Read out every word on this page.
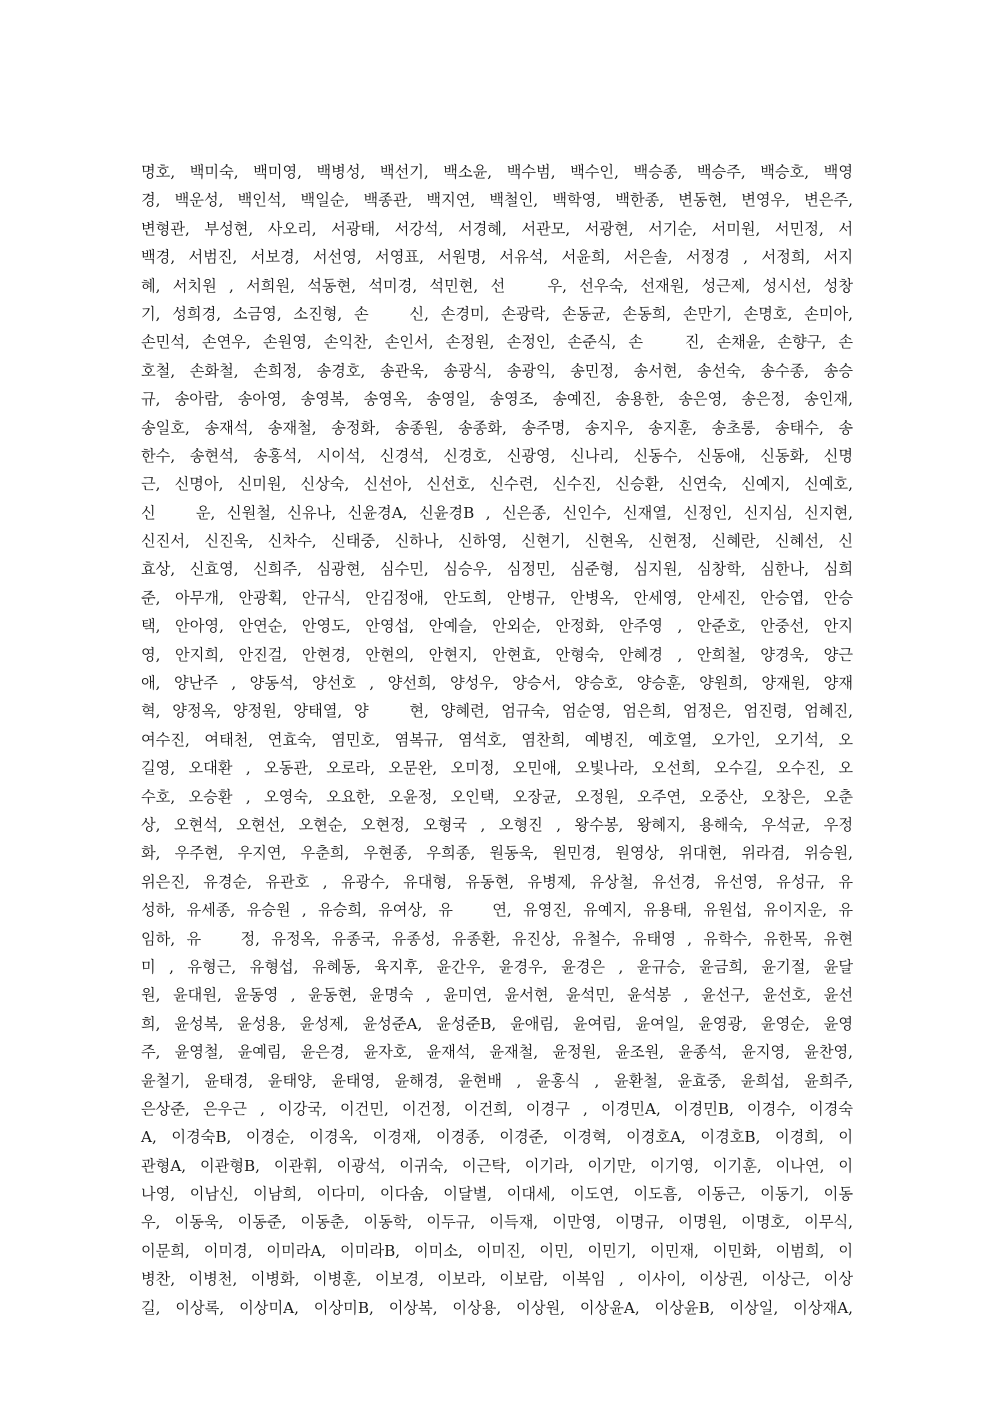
명호, 백미숙, 백미영, 백병성, 백선기, 백소윤, 백수범, 백수인, 백승종, 백승주, 백승호, 백영
경, 백운성, 백인석, 백일순, 백종관, 백지연, 백철인, 백학영, 백한종, 변동현, 변영우, 변은주,
변형관, 부성현, 사오리, 서광태, 서강석, 서경혜, 서관모, 서광현, 서기순, 서미원, 서민정, 서
백경, 서범진, 서보경, 서선영, 서영표, 서원명, 서유석, 서윤희, 서은솔, 서정경 , 서정희, 서지
혜, 서치원 , 서희원, 석동현, 석미경, 석민현, 선　 우, 선우숙, 선재원, 성근제, 성시선, 성창
기, 성희경, 소금영, 소진형, 손　 신, 손경미, 손광락, 손동균, 손동희, 손만기, 손명호, 손미아,
손민석, 손연우, 손원영, 손익찬, 손인서, 손정원, 손정인, 손준식, 손　 진, 손채윤, 손향구, 손
호철, 손화철, 손희정, 송경호, 송관욱, 송광식, 송광익, 송민정, 송서현, 송선숙, 송수종, 송승
규, 송아람, 송아영, 송영복, 송영옥, 송영일, 송영조, 송예진, 송용한, 송은영, 송은정, 송인재,
송일호, 송재석, 송재철, 송정화, 송종원, 송종화, 송주명, 송지우, 송지훈, 송초롱, 송태수, 송
한수, 송현석, 송홍석, 시이석, 신경석, 신경호, 신광영, 신나리, 신동수, 신동애, 신동화, 신명
근, 신명아, 신미원, 신상숙, 신선아, 신선호, 신수련, 신수진, 신승환, 신연숙, 신예지, 신예호,
신　 운, 신원철, 신유나, 신윤경A, 신윤경B , 신은종, 신인수, 신재열, 신정인, 신지심, 신지현,
신진서, 신진욱, 신차수, 신태중, 신하나, 신하영, 신현기, 신현옥, 신현정, 신혜란, 신혜선, 신
효상, 신효영, 신희주, 심광현, 심수민, 심승우, 심정민, 심준형, 심지원, 심창학, 심한나, 심희
준, 아무개, 안광획, 안규식, 안김정애, 안도희, 안병규, 안병옥, 안세영, 안세진, 안승엽, 안승
택, 안아영, 안연순, 안영도, 안영섭, 안예슬, 안외순, 안정화, 안주영 , 안준호, 안중선, 안지
영, 안지희, 안진걸, 안현경, 안현의, 안현지, 안현효, 안형숙, 안혜경 , 안희철, 양경욱, 양근
애, 양난주 , 양동석, 양선호 , 양선희, 양성우, 양승서, 양승호, 양승훈, 양원희, 양재원, 양재
혁, 양정옥, 양정원, 양태열, 양　 현, 양혜련, 엄규숙, 엄순영, 엄은희, 엄정은, 엄진령, 엄혜진,
여수진, 여태천, 연효숙, 염민호, 염복규, 염석호, 염찬희, 예병진, 예호열, 오가인, 오기석, 오
길영, 오대환 , 오동관, 오로라, 오문완, 오미정, 오민애, 오빛나라, 오선희, 오수길, 오수진, 오
수호, 오승환 , 오영숙, 오요한, 오윤정, 오인택, 오장균, 오정원, 오주연, 오중산, 오창은, 오춘
상, 오현석, 오현선, 오현순, 오현정, 오형국 , 오형진 , 왕수봉, 왕혜지, 용해숙, 우석균, 우정
화, 우주현, 우지연, 우춘희, 우현종, 우희종, 원동욱, 원민경, 원영상, 위대현, 위라겸, 위승원,
위은진, 유경순, 유관호 , 유광수, 유대형, 유동현, 유병제, 유상철, 유선경, 유선영, 유성규, 유
성하, 유세종, 유승원 , 유승희, 유여상, 유　 연, 유영진, 유예지, 유용태, 유원섭, 유이지운, 유
임하, 유　 정, 유정옥, 유종국, 유종성, 유종환, 유진상, 유철수, 유태영 , 유학수, 유한목, 유현
미 , 유형근, 유형섭, 유혜동, 육지후, 윤간우, 윤경우, 윤경은 , 윤규승, 윤금희, 윤기절, 윤달
원, 윤대원, 윤동영 , 윤동현, 윤명숙 , 윤미연, 윤서현, 윤석민, 윤석봉 , 윤선구, 윤선호, 윤선
희, 윤성복, 윤성용, 윤성제, 윤성준A, 윤성준B, 윤애림, 윤여림, 윤여일, 윤영광, 윤영순, 윤영
주, 윤영철, 윤예림, 윤은경, 윤자호, 윤재석, 윤재철, 윤정원, 윤조원, 윤종석, 윤지영, 윤찬영,
윤철기, 윤태경, 윤태양, 윤태영, 윤해경, 윤현배 , 윤홍식 , 윤환철, 윤효중, 윤희섭, 윤희주,
은상준, 은우근 , 이강국, 이건민, 이건정, 이건희, 이경구 , 이경민A, 이경민B, 이경수, 이경숙
A, 이경숙B, 이경순, 이경옥, 이경재, 이경종, 이경준, 이경혁, 이경호A, 이경호B, 이경희, 이
관형A, 이관형B, 이관휘, 이광석, 이귀숙, 이근탁, 이기라, 이기만, 이기영, 이기훈, 이나연, 이
나영, 이남신, 이남희, 이다미, 이다솜, 이달별, 이대세, 이도연, 이도흠, 이동근, 이동기, 이동
우, 이동욱, 이동준, 이동춘, 이동학, 이두규, 이득재, 이만영, 이명규, 이명원, 이명호, 이무식,
이문희, 이미경, 이미라A, 이미라B, 이미소, 이미진, 이민, 이민기, 이민재, 이민화, 이범희, 이
병찬, 이병천, 이병화, 이병훈, 이보경, 이보라, 이보람, 이복임 , 이사이, 이상권, 이상근, 이상
길, 이상록, 이상미A, 이상미B, 이상복, 이상용, 이상원, 이상윤A, 이상윤B, 이상일, 이상재A,
